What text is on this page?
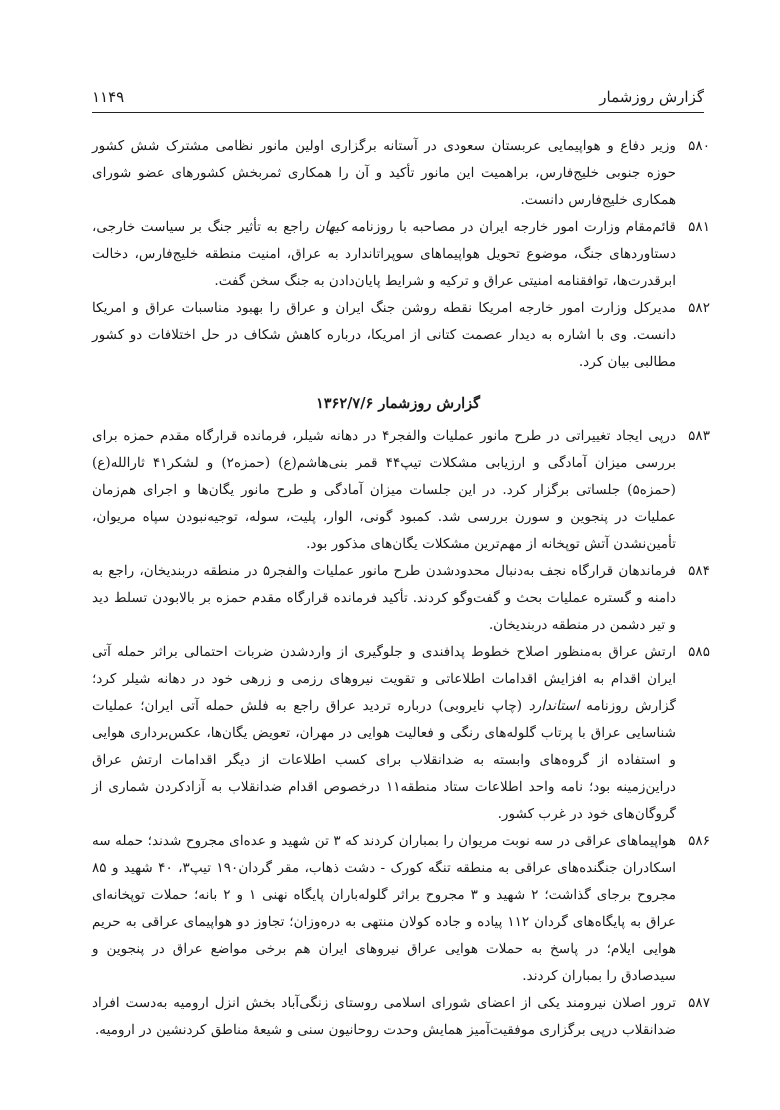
گزارش روزشمار
۱۱۴۹

۵۸۰
وزیر دفاع و هواپیمایی عربستان سعودی در آستانه برگزاری اولین مانور نظامی مشترک شش کشور حوزه جنوبی خلیج‌فارس، براهمیت این مانور تأکید و آن را همکاری ثمربخش کشورهای عضو شورای همکاری خلیج‌فارس دانست.

۵۸۱
قائم‌مقام وزارت امور خارجه ایران در مصاحبه با روزنامه کیهان راجع به تأثیر جنگ بر سیاست خارجی، دستاوردهای جنگ، موضوع تحویل هواپیماهای سوپراتاندارد به عراق، امنیت منطقه خلیج‌فارس، دخالت ابرقدرت‌ها، توافقنامه امنیتی عراق و ترکیه و شرایط پایان‌دادن به جنگ سخن گفت.

۵۸۲
مدیرکل وزارت امور خارجه امریکا نقطه روشن جنگ ایران و عراق را بهبود مناسبات عراق و امریکا دانست. وی با اشاره به دیدار عصمت کتانی از امریکا، درباره کاهش شکاف در حل اختلافات دو کشور مطالبی بیان کرد.

گزارش روزشمار ۱۳۶۲/۷/۶

۵۸۳
درپی ایجاد تغییراتی در طرح مانور عملیات والفجر۴ در دهانه شیلر، فرمانده قرارگاه مقدم حمزه برای بررسی میزان آمادگی و ارزیابی مشکلات تیپ۴۴ قمر بنی‌هاشم(ع) (حمزه۲) و لشکر۴۱ ثارالله(ع) (حمزه۵) جلساتی برگزار کرد. در این جلسات میزان آمادگی و طرح مانور یگان‌ها و اجرای هم‌زمان عملیات در پنجوین و سورن بررسی شد. کمبود گونی، الوار، پلیت، سوله، توجیه‌نبودن سپاه مریوان، تأمین‌نشدن آتش توپخانه از مهم‌ترین مشکلات یگان‌های مذکور بود.

۵۸۴
فرماندهان قرارگاه نجف به‌دنبال محدودشدن طرح مانور عملیات والفجر۵ در منطقه دربندیخان، راجع به دامنه و گستره عملیات بحث و گفت‌وگو کردند. تأکید فرمانده قرارگاه مقدم حمزه بر بالابودن تسلط دید و تیر دشمن در منطقه دربندیخان.

۵۸۵
ارتش عراق به‌منظور اصلاح خطوط پدافندی و جلوگیری از واردشدن ضربات احتمالی براثر حمله آتی ایران اقدام به افزایش اقدامات اطلاعاتی و تقویت نیروهای رزمی و زرهی خود در دهانه شیلر کرد؛ گزارش روزنامه استاندارد (چاپ نایروبی) درباره تردید عراق راجع به فلش حمله آتی ایران؛ عملیات شناسایی عراق با پرتاب گلوله‌های رنگی و فعالیت هوایی در مهران، تعویض یگان‌ها، عکس‌برداری هوایی و استفاده از گروه‌های وابسته به ضدانقلاب برای کسب اطلاعات از دیگر اقدامات ارتش عراق دراین‌زمینه بود؛ نامه واحد اطلاعات ستاد منطقه۱۱ درخصوص اقدام ضدانقلاب به آزادکردن شماری از گروگان‌های خود در غرب کشور.

۵۸۶
هواپیماهای عراقی در سه نوبت مریوان را بمباران کردند که ۳ تن شهید و عده‌ای مجروح شدند؛ حمله سه اسکادران جنگنده‌های عراقی به منطقه تنگه کورک - دشت ذهاب، مقر گردان۱۹۰ تیپ۳، ۴۰ شهید و ۸۵ مجروح برجای گذاشت؛ ۲ شهید و ۳ مجروح براثر گلوله‌باران پایگاه نهنی ۱ و ۲ بانه؛ حملات توپخانه‌ای عراق به پایگاه‌های گردان ۱۱۲ پیاده و جاده کولان منتهی به دره‌وزان؛ تجاوز دو هواپیمای عراقی به حریم هوایی ایلام؛ در پاسخ به حملات هوایی عراق نیروهای ایران هم برخی مواضع عراق در پنجوین و سیدصادق را بمباران کردند.

۵۸۷
ترور اصلان نیرومند یکی از اعضای شورای اسلامی روستای زنگی‌آباد بخش انزل ارومیه به‌دست افراد ضدانقلاب درپی برگزاری موفقیت‌آمیز همایش وحدت روحانیون سنی و شیعهٔ مناطق کردنشین در ارومیه.
